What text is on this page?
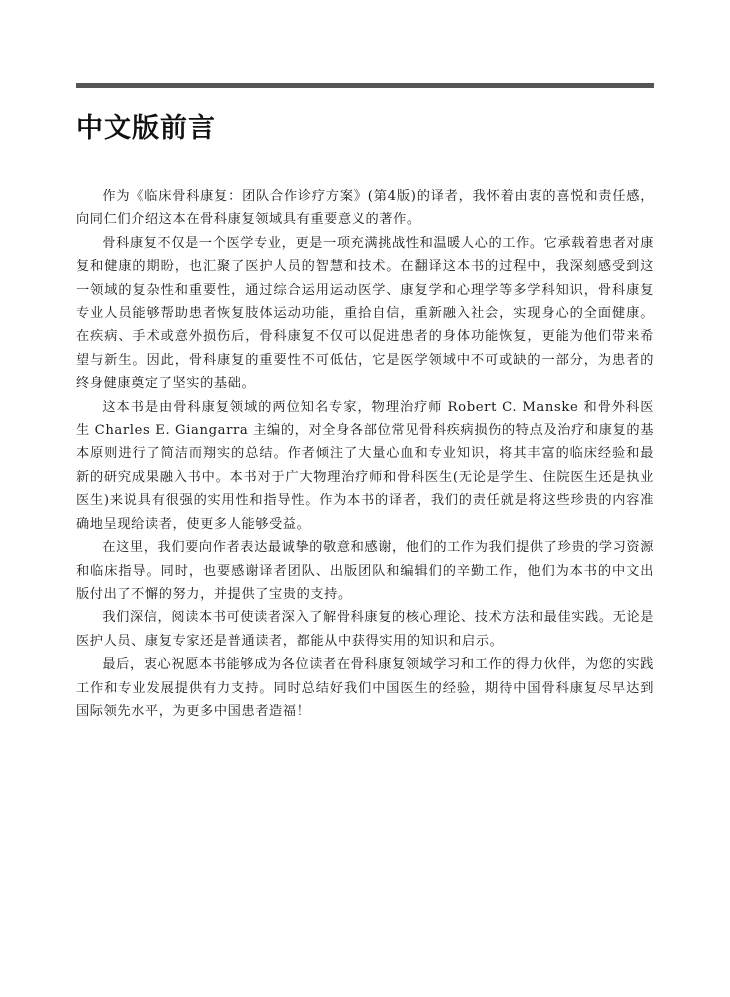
中文版前言

作为《临床骨科康复：团队合作诊疗方案》(第4版)的译者，我怀着由衷的喜悦和责任感，向同仁们介绍这本在骨科康复领域具有重要意义的著作。

骨科康复不仅是一个医学专业，更是一项充满挑战性和温暖人心的工作。它承载着患者对康复和健康的期盼，也汇聚了医护人员的智慧和技术。在翻译这本书的过程中，我深刻感受到这一领域的复杂性和重要性，通过综合运用运动医学、康复学和心理学等多学科知识，骨科康复专业人员能够帮助患者恢复肢体运动功能，重拾自信，重新融入社会，实现身心的全面健康。在疾病、手术或意外损伤后，骨科康复不仅可以促进患者的身体功能恢复，更能为他们带来希望与新生。因此，骨科康复的重要性不可低估，它是医学领域中不可或缺的一部分，为患者的终身健康奠定了坚实的基础。

这本书是由骨科康复领域的两位知名专家，物理治疗师 Robert C. Manske 和骨外科医生 Charles E. Giangarra 主编的，对全身各部位常见骨科疾病损伤的特点及治疗和康复的基本原则进行了简洁而翔实的总结。作者倾注了大量心血和专业知识，将其丰富的临床经验和最新的研究成果融入书中。本书对于广大物理治疗师和骨科医生(无论是学生、住院医生还是执业医生)来说具有很强的实用性和指导性。作为本书的译者，我们的责任就是将这些珍贵的内容准确地呈现给读者，使更多人能够受益。

在这里，我们要向作者表达最诚挚的敬意和感谢，他们的工作为我们提供了珍贵的学习资源和临床指导。同时，也要感谢译者团队、出版团队和编辑们的辛勤工作，他们为本书的中文出版付出了不懈的努力，并提供了宝贵的支持。

我们深信，阅读本书可使读者深入了解骨科康复的核心理论、技术方法和最佳实践。无论是医护人员、康复专家还是普通读者，都能从中获得实用的知识和启示。

最后，衷心祝愿本书能够成为各位读者在骨科康复领域学习和工作的得力伙伴，为您的实践工作和专业发展提供有力支持。同时总结好我们中国医生的经验，期待中国骨科康复尽早达到国际领先水平，为更多中国患者造福！
